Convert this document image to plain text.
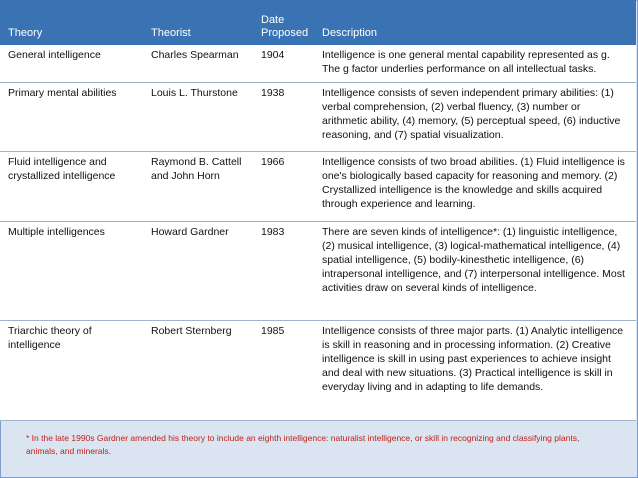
Theory	Theorist	Date Proposed	Description
General intelligence	Charles Spearman	1904	Intelligence is one general mental capability represented as g. The g factor underlies performance on all intellectual tasks.
Primary mental abilities	Louis L. Thurstone	1938	Intelligence consists of seven independent primary abilities: (1) verbal comprehension, (2) verbal fluency, (3) number or arithmetic ability, (4) memory, (5) perceptual speed, (6) inductive reasoning, and (7) spatial visualization.
Fluid intelligence and crystallized intelligence	Raymond B. Cattell and John Horn	1966	Intelligence consists of two broad abilities. (1) Fluid intelligence is one's biologically based capacity for reasoning and memory. (2) Crystallized intelligence is the knowledge and skills acquired through experience and learning.
Multiple intelligences	Howard Gardner	1983	There are seven kinds of intelligence*: (1) linguistic intelligence, (2) musical intelligence, (3) logical-mathematical intelligence, (4) spatial intelligence, (5) bodily-kinesthetic intelligence, (6) intrapersonal intelligence, and (7) interpersonal intelligence. Most activities draw on several kinds of intelligence.
Triarchic theory of intelligence	Robert Sternberg	1985	Intelligence consists of three major parts. (1) Analytic intelligence is skill in reasoning and in processing information. (2) Creative intelligence is skill in using past experiences to achieve insight and deal with new situations. (3) Practical intelligence is skill in everyday living and in adapting to life demands.
* In the late 1990s Gardner amended his theory to include an eighth intelligence: naturalist intelligence, or skill in recognizing and classifying plants, animals, and minerals.
